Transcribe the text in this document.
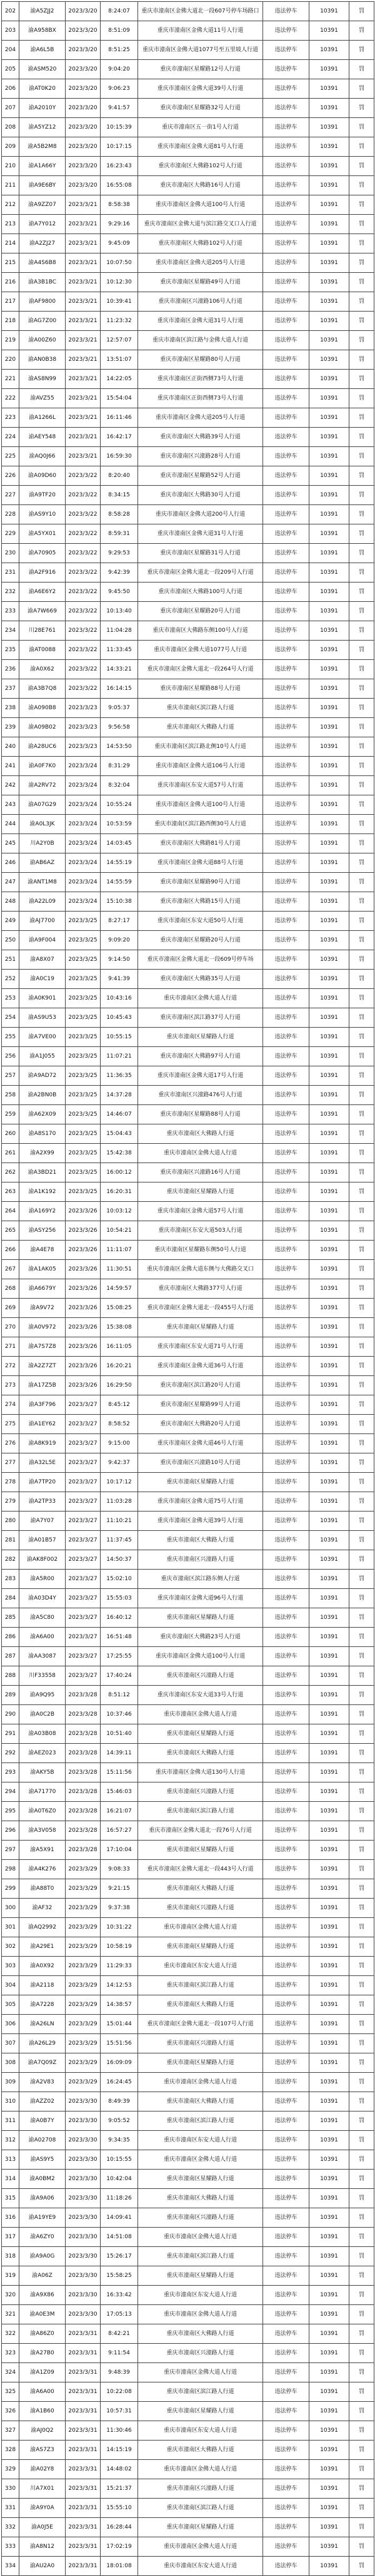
202	渝A5ZJJ2	2023/3/20	8:24:07	重庆市潼南区金佛大道北一段607号停车场路口	违法停车	10391	罚
203	渝A958BX	2023/3/20	8:51:09	重庆市潼南区金佛大道11号人行道	违法停车	10391	罚
204	渝A6L5B	2023/3/20	8:51:25	重庆市潼南区金佛大道1077号至五里坡人行道	违法停车	10391	罚
205	渝ASM520	2023/3/20	9:04:20	重庆市潼南区星耀路12号人行道	违法停车	10391	罚
206	渝AT0K20	2023/3/20	9:06:23	重庆市潼南区金佛大道39号人行道	违法停车	10391	罚
207	渝A2010Y	2023/3/20	9:41:57	重庆市潼南区星耀路32号人行道	违法停车	10391	罚
208	渝A5YZ12	2023/3/20	10:15:39	重庆市潼南区五一街1号人行道	违法停车	10391	罚
209	渝A5B2M8	2023/3/20	10:17:15	重庆市潼南区金佛大道81号人行道	违法停车	10391	罚
210	渝A1A66Y	2023/3/20	16:23:43	重庆市潼南区大佛路102号人行道	违法停车	10391	罚
211	渝A9E6BY	2023/3/20	16:55:08	重庆市潼南区大佛路16号人行道	违法停车	10391	罚
212	渝A9ZZ07	2023/3/21	8:58:38	重庆市潼南区金佛大道100号人行道	违法停车	10391	罚
213	渝A7Y012	2023/3/21	9:29:16	重庆市潼南区金佛大道与滨江路交叉口人行道	违法停车	10391	罚
214	渝A2ZJ27	2023/3/21	9:45:09	重庆市潼南区大佛路102号人行道	违法停车	10391	罚
215	渝A4S6B8	2023/3/21	10:07:50	重庆市潼南区金佛大道205号人行道	违法停车	10391	罚
216	渝A3B1BC	2023/3/21	10:12:30	重庆市潼南区星耀路49号人行道	违法停车	10391	罚
217	渝AF9800	2023/3/21	10:39:41	重庆市潼南区兴潼路106号人行道	违法停车	10391	罚
218	渝AG7Z00	2023/3/21	11:23:32	重庆市潼南区金佛大道31号人行道	违法停车	10391	罚
219	渝A00Z60	2023/3/21	12:57:07	重庆市潼南区滨江路与金佛大道人行道	违法停车	10391	罚
220	渝AN0B38	2023/3/21	13:51:07	重庆市潼南区星耀路80号人行道	违法停车	10391	罚
221	渝AS8N99	2023/3/21	14:22:05	重庆市潼南区正街西侧73号人行道	违法停车	10391	罚
222	渝AVZ55	2023/3/21	15:54:04	重庆市潼南区正街西侧73号人行道	违法停车	10391	罚
223	渝A1266L	2023/3/21	16:11:46	重庆市潼南区金佛大道205号人行道	违法停车	10391	罚
224	渝AEY548	2023/3/21	16:42:17	重庆市潼南区大佛路39号人行道	违法停车	10391	罚
225	渝AQ0J66	2023/3/21	16:59:30	重庆市潼南区兴潼路28号人行道	违法停车	10391	罚
226	渝A09D60	2023/3/22	8:20:40	重庆市潼南区星耀路52号人行道	违法停车	10391	罚
227	渝A9TF20	2023/3/22	8:34:15	重庆市潼南区大佛路30号人行道	违法停车	10391	罚
228	渝AS9Y10	2023/3/22	8:58:28	重庆市潼南区金佛大道200号人行道	违法停车	10391	罚
229	渝A5YX01	2023/3/22	8:59:31	重庆市潼南区金佛大道31号人行道	违法停车	10391	罚
230	渝A70905	2023/3/22	9:29:53	重庆市潼南区星耀路31号人行道	违法停车	10391	罚
231	渝A2F916	2023/3/22	9:42:39	重庆市潼南区金佛大道北一段209号人行道	违法停车	10391	罚
232	渝A6E6Y2	2023/3/22	9:45:50	重庆市潼南区大佛路100号人行道	违法停车	10391	罚
233	渝A7W669	2023/3/22	10:13:40	重庆市潼南区星耀路20号人行道	违法停车	10391	罚
234	川28E761	2023/3/22	11:04:28	重庆市潼南区大佛路东侧100号人行道	违法停车	10391	罚
235	渝AT0088	2023/3/22	11:33:45	重庆市潼南区金佛大道1077号人行道	违法停车	10391	罚
236	渝A0X62	2023/3/22	14:33:21	重庆市潼南区金佛大道北一段264号人行道	违法停车	10391	罚
237	渝A3B7Q8	2023/3/22	16:14:15	重庆市潼南区星耀路88号人行道	违法停车	10391	罚
238	渝A090B8	2023/3/23	9:05:37	重庆市潼南区滨江路人行道	违法停车	10391	罚
239	渝A09B02	2023/3/23	9:56:58	重庆市潼南区大佛路人行道	违法停车	10391	罚
240	渝A28UC6	2023/3/23	14:53:50	重庆市潼南区滨江路北侧10号人行道	违法停车	10391	罚
241	渝A0F7K0	2023/3/24	8:31:29	重庆市潼南区金佛大道106号人行道	违法停车	10391	罚
242	渝A2RV72	2023/3/24	8:32:04	重庆市潼南区东安大道57号人行道	违法停车	10391	罚
243	渝A07G29	2023/3/24	10:55:24	重庆市潼南区金佛大道100号人行道	违法停车	10391	罚
244	渝A0L3JK	2023/3/24	10:53:59	重庆市潼南区滨江路西侧30号人行道	违法停车	10391	罚
245	川A2Y0B	2023/3/24	14:03:45	重庆市潼南区大佛路81号人行道	违法停车	10391	罚
246	渝AB6AZ	2023/3/24	14:55:19	重庆市潼南区金佛大道88号人行道	违法停车	10391	罚
247	渝ANT1M8	2023/3/24	14:55:59	重庆市潼南区星耀路90号人行道	违法停车	10391	罚
248	渝A22L09	2023/3/24	15:10:38	重庆市潼南区大佛路15号人行道	违法停车	10391	罚
249	渝AJ7700	2023/3/25	8:27:17	重庆市潼南区东安大道50号人行道	违法停车	10391	罚
250	渝A9F004	2023/3/25	9:09:20	重庆市潼南区星耀路20号人行道	违法停车	10391	罚
251	渝A8X07	2023/3/25	9:14:50	重庆市潼南区金佛大道北一段609号停车场	违法停车	10391	罚
252	渝A0C19	2023/3/25	9:41:39	重庆市潼南区大佛路35号人行道	违法停车	10391	罚
253	渝A0K901	2023/3/25	10:43:16	重庆市潼南区金佛大道人行道	违法停车	10391	罚
254	渝AS9U53	2023/3/25	10:45:43	重庆市潼南区滨江路37号人行道	违法停车	10391	罚
255	渝A7VE00	2023/3/25	10:55:15	重庆市潼南区星耀路人行道	违法停车	10391	罚
256	渝A1J055	2023/3/25	11:07:21	重庆市潼南区大佛路97号人行道	违法停车	10391	罚
257	渝A9AD72	2023/3/25	11:36:35	重庆市潼南区金佛大道17号人行道	违法停车	10391	罚
258	渝A2BN0B	2023/3/25	14:37:28	重庆市潼南区兴潼路476号人行道	违法停车	10391	罚
259	渝A62X09	2023/3/25	14:46:07	重庆市潼南区星耀路88号人行道	违法停车	10391	罚
260	渝A8S170	2023/3/25	15:04:43	重庆市潼南区大佛路人行道	违法停车	10391	罚
261	渝A2X99	2023/3/25	15:42:38	重庆市潼南区金佛大道人行道	违法停车	10391	罚
262	渝A3BD21	2023/3/25	16:00:12	重庆市潼南区兴潼路16号人行道	违法停车	10391	罚
263	渝A1K192	2023/3/25	16:20:31	重庆市潼南区星耀路人行道	违法停车	10391	罚
264	渝A169Y2	2023/3/26	10:03:12	重庆市潼南区金佛大道57号人行道	违法停车	10391	罚
265	渝ASY256	2023/3/26	10:54:21	重庆市潼南区东安大道503人行道	违法停车	10391	罚
266	渝A4E78	2023/3/26	11:11:07	重庆市潼南区星耀路东侧50号人行道	违法停车	10391	罚
267	渝A1AK05	2023/3/26	11:30:51	重庆市潼南区金佛大道东侧与大佛路交叉口	违法停车	10391	罚
268	渝A6679Y	2023/3/26	14:59:57	重庆市潼南区大佛路377号人行道	违法停车	10391	罚
269	渝A9V72	2023/3/26	15:08:25	重庆市潼南区金佛大道北一段455号人行道	违法停车	10391	罚
270	渝A0V972	2023/3/26	15:38:08	重庆市潼南区星耀路人行道	违法停车	10391	罚
271	渝A7S7Z8	2023/3/26	16:11:05	重庆市潼南区东安大道71号人行道	违法停车	10391	罚
272	渝A2Z7ZT	2023/3/26	16:20:21	重庆市潼南区金佛大道36号人行道	违法停车	10391	罚
273	渝A17Z5B	2023/3/26	16:29:50	重庆市潼南区滨江路20号人行道	违法停车	10391	罚
274	渝A3F796	2023/3/27	8:45:12	重庆市潼南区星耀路99号人行道	违法停车	10391	罚
275	渝A1EY62	2023/3/27	8:58:52	重庆市潼南区大佛路20号人行道	违法停车	10391	罚
276	渝A8K919	2023/3/27	9:15:00	重庆市潼南区金佛大道46号人行道	违法停车	10391	罚
277	渝A32L5E	2023/3/27	9:42:37	重庆市潼南区兴潼路10号人行道	违法停车	10391	罚
278	渝A7TP20	2023/3/27	10:17:12	重庆市潼南区星耀路人行道	违法停车	10391	罚
279	渝A2TP33	2023/3/27	11:03:28	重庆市潼南区金佛大道75号人行道	违法停车	10391	罚
280	渝A7Y07	2023/3/27	11:10:21	重庆市潼南区金佛大道39号人行道	违法停车	10391	罚
281	渝A01B57	2023/3/27	11:37:45	重庆市潼南区大佛路人行道	违法停车	10391	罚
282	渝AK8F002	2023/3/27	14:50:37	重庆市潼南区兴潼路人行道	违法停车	10391	罚
283	渝A5R00	2023/3/27	15:02:10	重庆市潼南区滨江路东侧人行道	违法停车	10391	罚
284	渝A03D4Y	2023/3/27	15:55:03	重庆市潼南区金佛大道96号人行道	违法停车	10391	罚
285	渝A5C80	2023/3/27	16:40:12	重庆市潼南区星耀路人行道	违法停车	10391	罚
286	渝A6A00	2023/3/27	16:51:48	重庆市潼南区大佛路23号人行道	违法停车	10391	罚
287	渝AA3087	2023/3/27	17:25:55	重庆市潼南区金佛大道100号人行道	违法停车	10391	罚
288	川F33558	2023/3/27	17:40:24	重庆市潼南区兴潼路人行道	违法停车	10391	罚
289	渝A9Q95	2023/3/28	8:51:12	重庆市潼南区东安大道33号人行道	违法停车	10391	罚
290	渝A0C2B	2023/3/28	10:37:46	重庆市潼南区金佛大道人行道	违法停车	10391	罚
291	渝A03B08	2023/3/28	10:51:40	重庆市潼南区星耀路人行道	违法停车	10391	罚
292	渝AEZ023	2023/3/28	14:39:11	重庆市潼南区大佛路人行道	违法停车	10391	罚
293	渝AKY5B	2023/3/28	15:11:56	重庆市潼南区金佛大道130号人行道	违法停车	10391	罚
294	渝A71770	2023/3/28	15:46:03	重庆市潼南区兴潼路人行道	违法停车	10391	罚
295	渝A0T6Z0	2023/3/28	16:21:07	重庆市潼南区滨江路人行道	违法停车	10391	罚
296	渝A3V058	2023/3/28	16:57:27	重庆市潼南区金佛大道北一段76号人行道	违法停车	10391	罚
297	渝A5X91	2023/3/28	17:10:04	重庆市潼南区星耀路人行道	违法停车	10391	罚
298	渝A4K276	2023/3/29	9:08:33	重庆市潼南区金佛大道北一段443号人行道	违法停车	10391	罚
299	渝A88T0	2023/3/29	9:21:15	重庆市潼南区大佛路人行道	违法停车	10391	罚
300	渝AF32	2023/3/29	9:37:38	重庆市潼南区兴潼路人行道	违法停车	10391	罚
301	渝AQ2992	2023/3/29	10:31:22	重庆市潼南区金佛大道人行道	违法停车	10391	罚
302	渝A29E1	2023/3/29	10:58:19	重庆市潼南区星耀路人行道	违法停车	10391	罚
303	渝A0X92	2023/3/29	11:29:33	重庆市潼南区东安大道人行道	违法停车	10391	罚
304	渝A2118	2023/3/29	14:12:53	重庆市潼南区滨江路人行道	违法停车	10391	罚
305	渝A7228	2023/3/29	14:38:57	重庆市潼南区大佛路人行道	违法停车	10391	罚
306	渝A26LN	2023/3/29	15:01:44	重庆市潼南区金佛大道北一段107号人行道	违法停车	10391	罚
307	渝A26L29	2023/3/29	15:51:56	重庆市潼南区兴潼路人行道	违法停车	10391	罚
308	渝A7Q09Z	2023/3/29	16:09:09	重庆市潼南区星耀路人行道	违法停车	10391	罚
309	渝A2V83	2023/3/29	16:24:45	重庆市潼南区金佛大道人行道	违法停车	10391	罚
310	渝AZZ02	2023/3/30	8:49:39	重庆市潼南区大佛路人行道	违法停车	10391	罚
311	渝A0B7Y	2023/3/30	9:05:52	重庆市潼南区滨江路人行道	违法停车	10391	罚
312	渝A02708	2023/3/30	9:34:35	重庆市潼南区东安大道人行道	违法停车	10391	罚
313	渝AS9Y5	2023/3/30	10:15:55	重庆市潼南区金佛大道人行道	违法停车	10391	罚
314	渝A0BM2	2023/3/30	10:42:04	重庆市潼南区星耀路人行道	违法停车	10391	罚
315	渝A9A06	2023/3/30	11:18:26	重庆市潼南区大佛路人行道	违法停车	10391	罚
316	渝A19YE9	2023/3/30	14:09:41	重庆市潼南区兴潼路人行道	违法停车	10391	罚
317	渝A6ZY0	2023/3/30	14:51:08	重庆市潼南区金佛大道人行道	违法停车	10391	罚
318	渝A9A0G	2023/3/30	15:26:17	重庆市潼南区滨江路人行道	违法停车	10391	罚
319	渝A06Z	2023/3/30	15:58:25	重庆市潼南区星耀路人行道	违法停车	10391	罚
320	渝A9X86	2023/3/30	16:33:42	重庆市潼南区东安大道人行道	违法停车	10391	罚
321	渝A0E3M	2023/3/30	17:05:13	重庆市潼南区金佛大道人行道	违法停车	10391	罚
322	渝A86Z0	2023/3/31	8:42:21	重庆市潼南区大佛路人行道	违法停车	10391	罚
323	渝A27B0	2023/3/31	9:11:54	重庆市潼南区兴潼路人行道	违法停车	10391	罚
324	渝A1Z09	2023/3/31	9:48:39	重庆市潼南区金佛大道人行道	违法停车	10391	罚
325	渝A6A00	2023/3/31	10:22:08	重庆市潼南区滨江路人行道	违法停车	10391	罚
326	渝A1B60	2023/3/31	10:57:31	重庆市潼南区星耀路人行道	违法停车	10391	罚
327	渝AJ0Q2	2023/3/31	11:30:46	重庆市潼南区东安大道人行道	违法停车	10391	罚
328	渝AS7Z3	2023/3/31	14:15:19	重庆市潼南区大佛路人行道	违法停车	10391	罚
329	渝A02Y8	2023/3/31	14:48:02	重庆市潼南区金佛大道人行道	违法停车	10391	罚
330	川A7X01	2023/3/31	15:21:37	重庆市潼南区兴潼路人行道	违法停车	10391	罚
331	渝A9Y0A	2023/3/31	15:55:10	重庆市潼南区滨江路人行道	违法停车	10391	罚
332	渝A0J5E	2023/3/31	16:28:44	重庆市潼南区星耀路人行道	违法停车	10391	罚
333	渝A8N12	2023/3/31	17:02:19	重庆市潼南区金佛大道人行道	违法停车	10391	罚
334	渝AU2A0	2023/3/31	18:01:08	重庆市潼南区东安大道人行道	违法停车	10391	罚
